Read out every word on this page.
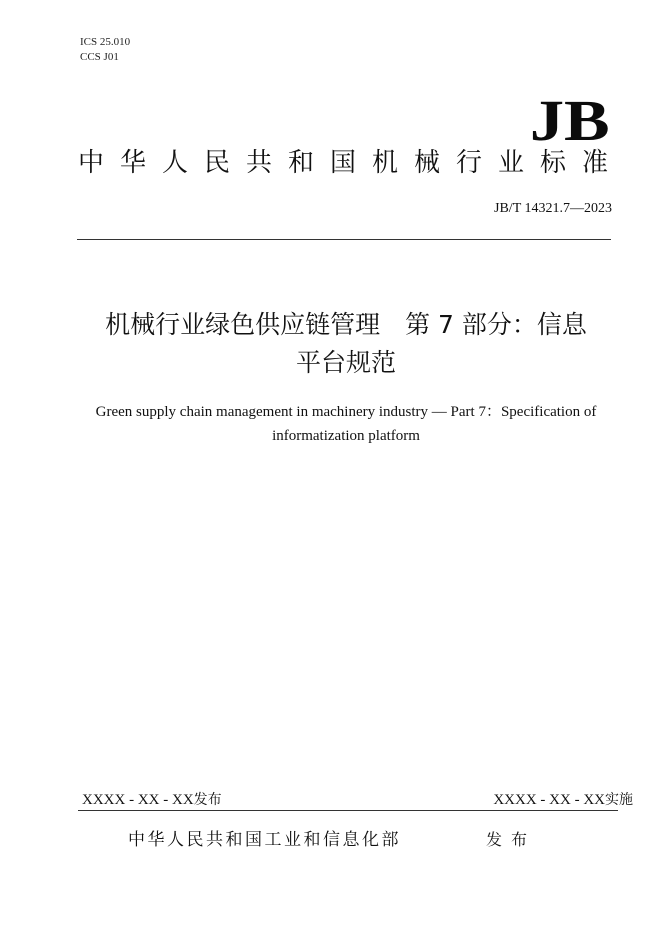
ICS 25.010
CCS J01
JB
中华人民共和国机械行业标准
JB/T 14321.7—2023
机械行业绿色供应链管理　第 7 部分：信息
平台规范
Green supply chain management in machinery industry — Part 7：Specification of
informatization platform
XXXX - XX - XX发布	XXXX - XX - XX实施
中华人民共和国工业和信息化部	发布
